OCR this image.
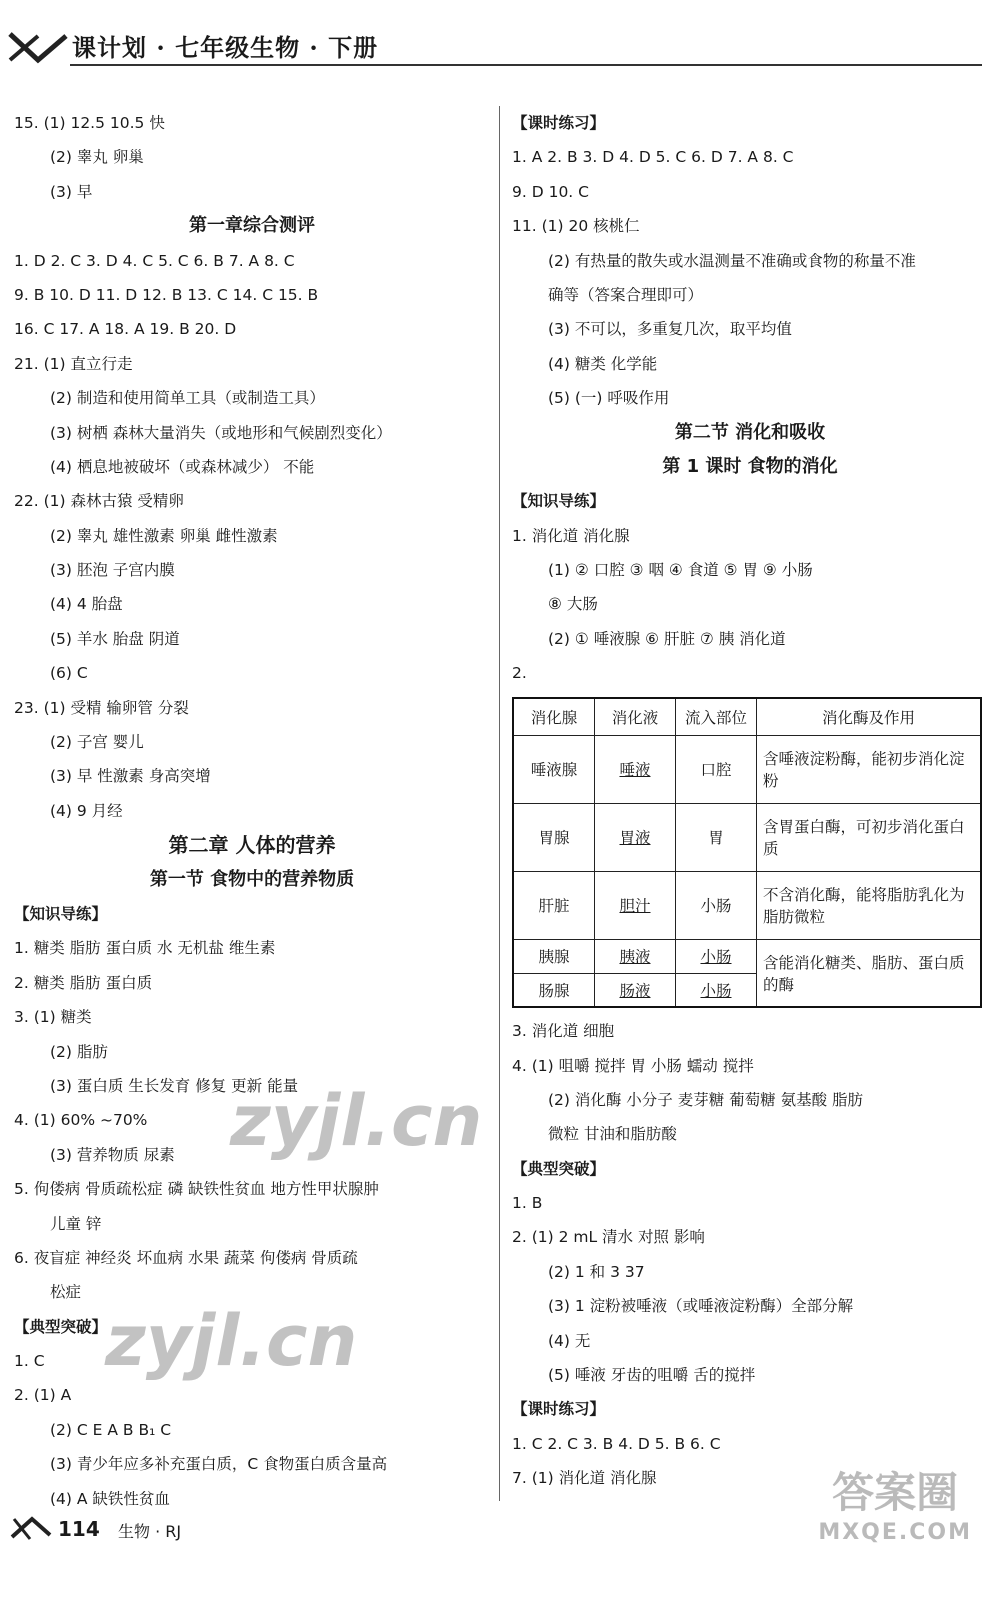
课计划 · 七年级生物 · 下册
15. (1) 12.5 10.5 快
(2) 睾丸 卵巢
(3) 早
第一章综合测评
1. D 2. C 3. D 4. C 5. C 6. B 7. A 8. C
9. B 10. D 11. D 12. B 13. C 14. C 15. B
16. C 17. A 18. A 19. B 20. D
21. (1) 直立行走
(2) 制造和使用简单工具（或制造工具）
(3) 树栖 森林大量消失（或地形和气候剧烈变化）
(4) 栖息地被破坏（或森林减少） 不能
22. (1) 森林古猿 受精卵
(2) 睾丸 雄性激素 卵巢 雌性激素
(3) 胚泡 子宫内膜
(4) 4 胎盘
(5) 羊水 胎盘 阴道
(6) C
23. (1) 受精 输卵管 分裂
(2) 子宫 婴儿
(3) 早 性激素 身高突增
(4) 9 月经
第二章 人体的营养
第一节 食物中的营养物质
【知识导练】
1. 糖类 脂肪 蛋白质 水 无机盐 维生素
2. 糖类 脂肪 蛋白质
3. (1) 糖类
(2) 脂肪
(3) 蛋白质 生长发育 修复 更新 能量
4. (1) 60% ~70%
(3) 营养物质 尿素
5. 佝偻病 骨质疏松症 磷 缺铁性贫血 地方性甲状腺肿
儿童 锌
6. 夜盲症 神经炎 坏血病 水果 蔬菜 佝偻病 骨质疏
松症
【典型突破】
1. C
2. (1) A
(2) C E A B B₁ C
(3) 青少年应多补充蛋白质，C 食物蛋白质含量高
(4) A 缺铁性贫血
【课时练习】
1. A 2. B 3. D 4. D 5. C 6. D 7. A 8. C
9. D 10. C
11. (1) 20 核桃仁
(2) 有热量的散失或水温测量不准确或食物的称量不准
确等（答案合理即可）
(3) 不可以，多重复几次，取平均值
(4) 糖类 化学能
(5) (一) 呼吸作用
第二节 消化和吸收
第 1 课时 食物的消化
【知识导练】
1. 消化道 消化腺
(1) ② 口腔 ③ 咽 ④ 食道 ⑤ 胃 ⑨ 小肠
⑧ 大肠
(2) ① 唾液腺 ⑥ 肝脏 ⑦ 胰 消化道
2.
消化腺	消化液	流入部位	消化酶及作用
唾液腺	唾液	口腔	含唾液淀粉酶，能初步消化淀粉
胃腺	胃液	胃	含胃蛋白酶，可初步消化蛋白质
肝脏	胆汁	小肠	不含消化酶，能将脂肪乳化为脂肪微粒
胰腺	胰液	小肠	含能消化糖类、脂肪、蛋白质的酶
肠腺	肠液	小肠	
3. 消化道 细胞
4. (1) 咀嚼 搅拌 胃 小肠 蠕动 搅拌
(2) 消化酶 小分子 麦芽糖 葡萄糖 氨基酸 脂肪
微粒 甘油和脂肪酸
【典型突破】
1. B
2. (1) 2 mL 清水 对照 影响
(2) 1 和 3 37
(3) 1 淀粉被唾液（或唾液淀粉酶）全部分解
(4) 无
(5) 唾液 牙齿的咀嚼 舌的搅拌
【课时练习】
1. C 2. C 3. B 4. D 5. B 6. C
7. (1) 消化道 消化腺
zyjl.cn
zyjl.cn
答案圈
MXQE.COM
114 生物 · RJ
